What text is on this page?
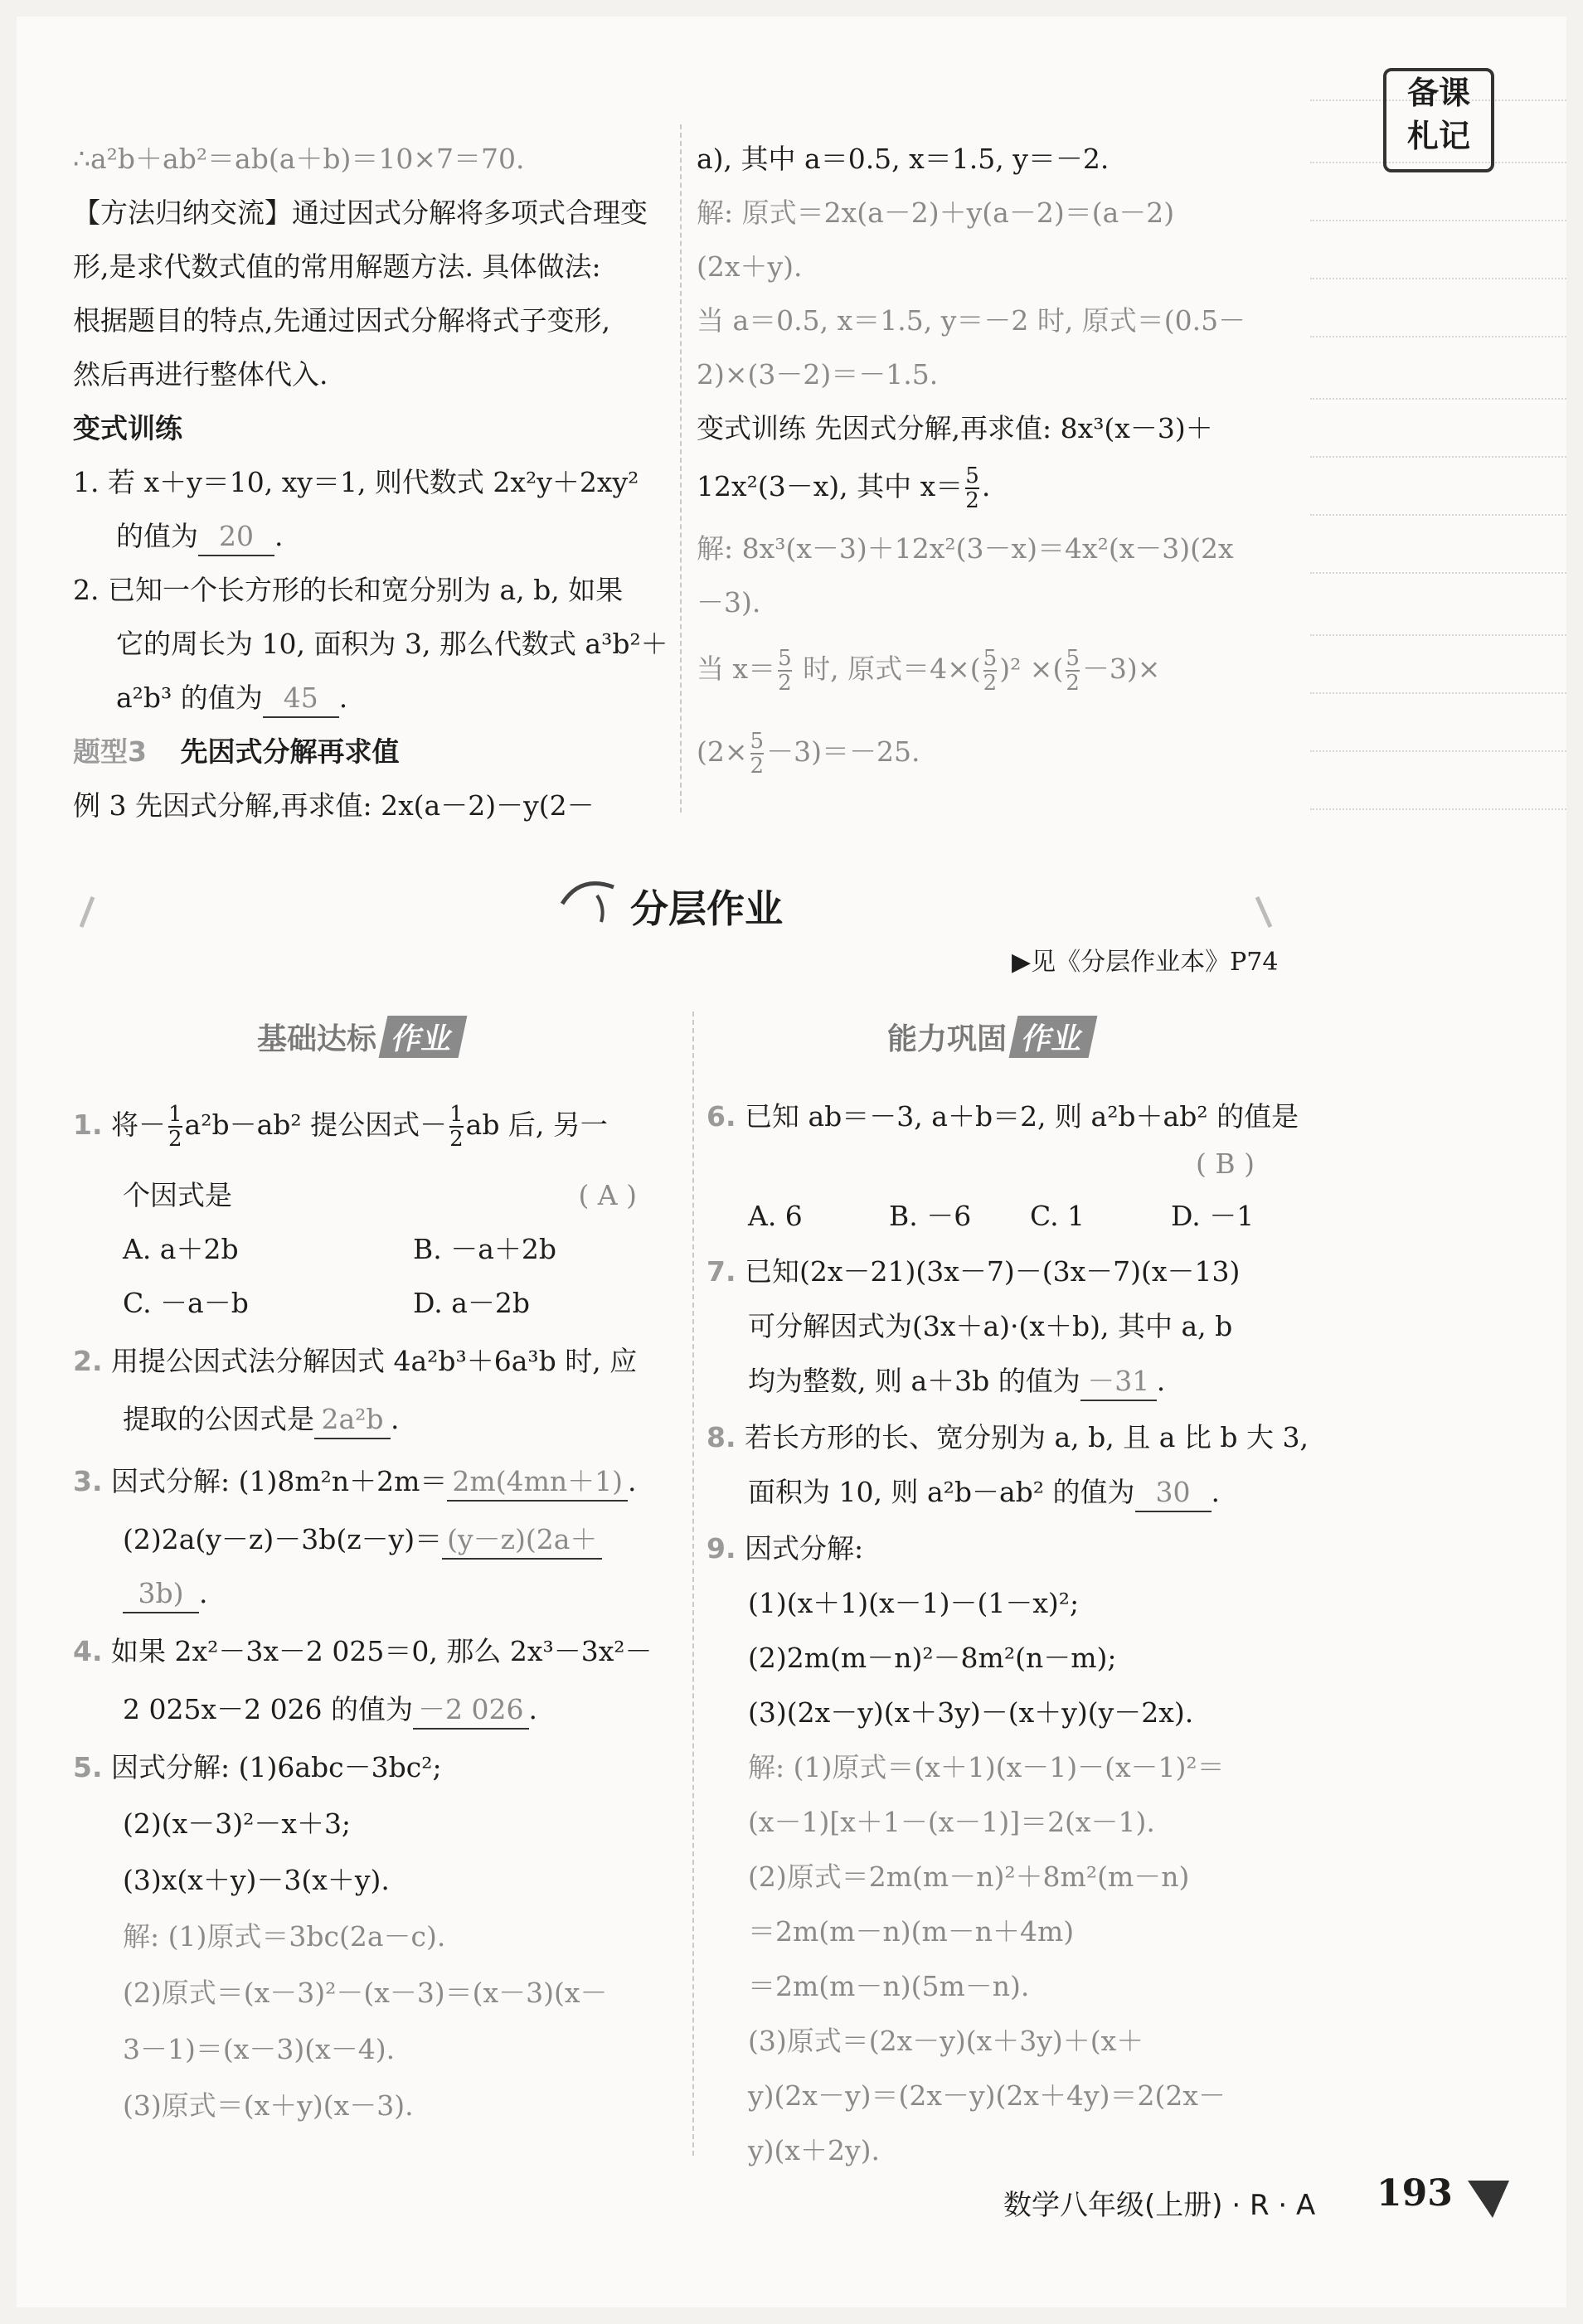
备课
札记
∴a²b＋ab²＝ab(a＋b)＝10×7＝70.
【方法归纳交流】通过因式分解将多项式合理变
形,是求代数式值的常用解题方法. 具体做法:
根据题目的特点,先通过因式分解将式子变形,
然后再进行整体代入.
变式训练
1. 若 x＋y＝10, xy＝1, 则代数式 2x²y＋2xy²
的值为 20 .
2. 已知一个长方形的长和宽分别为 a, b, 如果
它的周长为 10, 面积为 3, 那么代数式 a³b²＋
a²b³ 的值为 45 .
题型3 先因式分解再求值
例 3 先因式分解,再求值: 2x(a－2)－y(2－
a), 其中 a＝0.5, x＝1.5, y＝－2.
解: 原式＝2x(a－2)＋y(a－2)＝(a－2)
(2x＋y).
当 a＝0.5, x＝1.5, y＝－2 时, 原式＝(0.5－
2)×(3－2)＝－1.5.
变式训练 先因式分解,再求值: 8x³(x－3)＋
12x²(3－x), 其中 $x= \frac{5}{2}$ .
解: 8x³(x－3)＋12x²(3－x)＝4x²(x－3)(2x
－3).
当 $x= \frac{5}{2}$ 时, 原式$=4\times( \frac{5}{2} )^2$ ×( $\frac{5}{2} -3)\times$
$(2\times \frac{5}{2} -3)=-25$.
分层作业
▶见《分层作业本》P74
基础达标 作业	能力巩固 作业
1. 将－ $\frac{1}{2} a^2b-ab^2$ 提公因式－ $\frac{1}{2}$ ab 后, 另一
个因式是	( A )
A. a＋2b	B. －a＋2b
C. －a－b	D. a－2b
2. 用提公因式法分解因式 4a²b³＋6a³b 时, 应
提取的公因式是 2a²b .
3. 因式分解: (1)8m²n＋2m＝ 2m(4mn＋1) .
(2)2a(y－z)－3b(z－y)＝ (y－z)(2a＋
3b) .
4. 如果 2x²－3x－2 025＝0, 那么 2x³－3x²－
2 025x－2 026 的值为 －2 026 .
5. 因式分解: (1)6abc－3bc²;
(2)(x－3)²－x＋3;
(3)x(x＋y)－3(x＋y).
解: (1)原式＝3bc(2a－c).
(2)原式＝(x－3)²－(x－3)＝(x－3)(x－
3－1)＝(x－3)(x－4).
(3)原式＝(x＋y)(x－3).
6. 已知 ab＝－3, a＋b＝2, 则 a²b＋ab² 的值是
( B )
A. 6	B. －6 C. 1	D. －1
7. 已知(2x－21)(3x－7)－(3x－7)(x－13)
可分解因式为(3x＋a)·(x＋b), 其中 a, b
均为整数, 则 a＋3b 的值为 －31 .
8. 若长方形的长、宽分别为 a, b, 且 a 比 b 大 3,
面积为 10, 则 a²b－ab² 的值为 30 .
9. 因式分解:
(1)(x＋1)(x－1)－(1－x)²;
(2)2m(m－n)²－8m²(n－m);
(3)(2x－y)(x＋3y)－(x＋y)(y－2x).
解: (1)原式＝(x＋1)(x－1)－(x－1)²＝
(x－1)[x＋1－(x－1)]＝2(x－1).
(2)原式＝2m(m－n)²＋8m²(m－n)
＝2m(m－n)(m－n＋4m)
＝2m(m－n)(5m－n).
(3)原式＝(2x－y)(x＋3y)＋(x＋
y)(2x－y)＝(2x－y)(2x＋4y)＝2(2x－
y)(x＋2y).
数学八年级(上册) · R · A 193
